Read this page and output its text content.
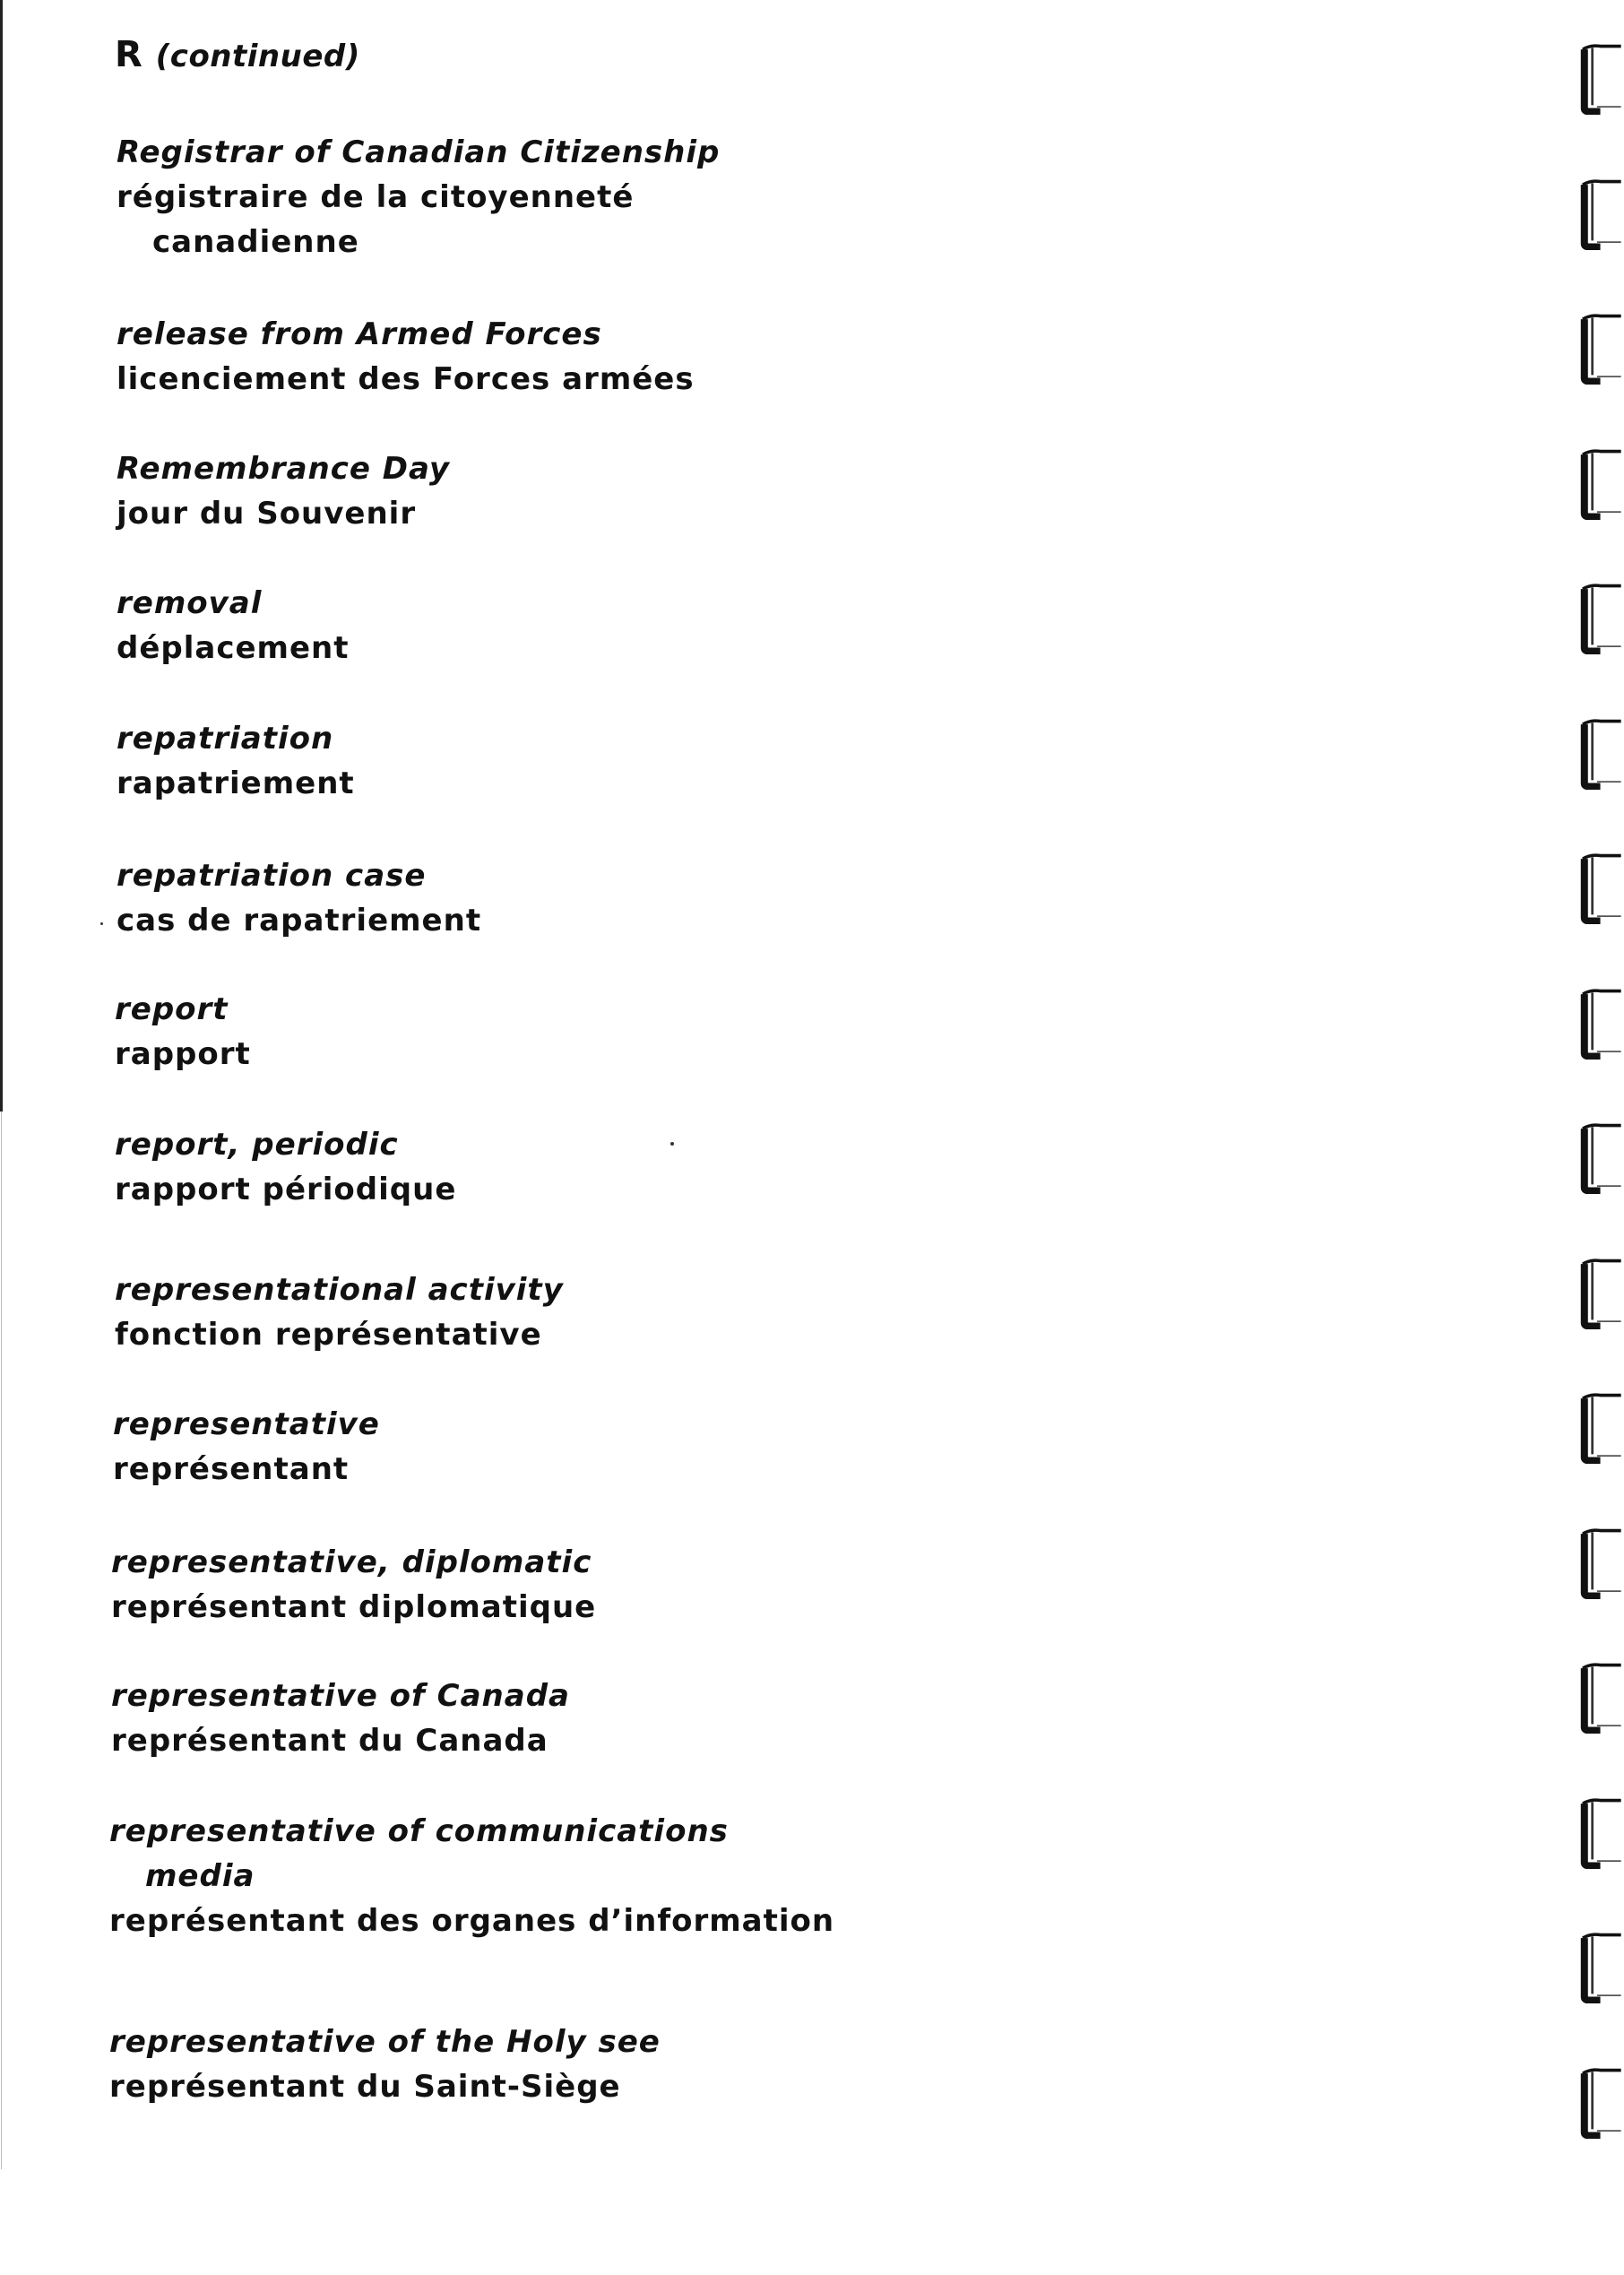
R (continued)
Registrar of Canadian Citizenship
régistraire de la citoyenneté
canadienne
release from Armed Forces
licenciement des Forces armées
Remembrance Day
jour du Souvenir
removal
déplacement
repatriation
rapatriement
repatriation case
cas de rapatriement
report
rapport
report, periodic
rapport périodique
representational activity
fonction représentative
representative
représentant
representative, diplomatic
représentant diplomatique
representative of Canada
représentant du Canada
representative of communications
media
représentant des organes d’information
representative of the Holy see
représentant du Saint-Siège
